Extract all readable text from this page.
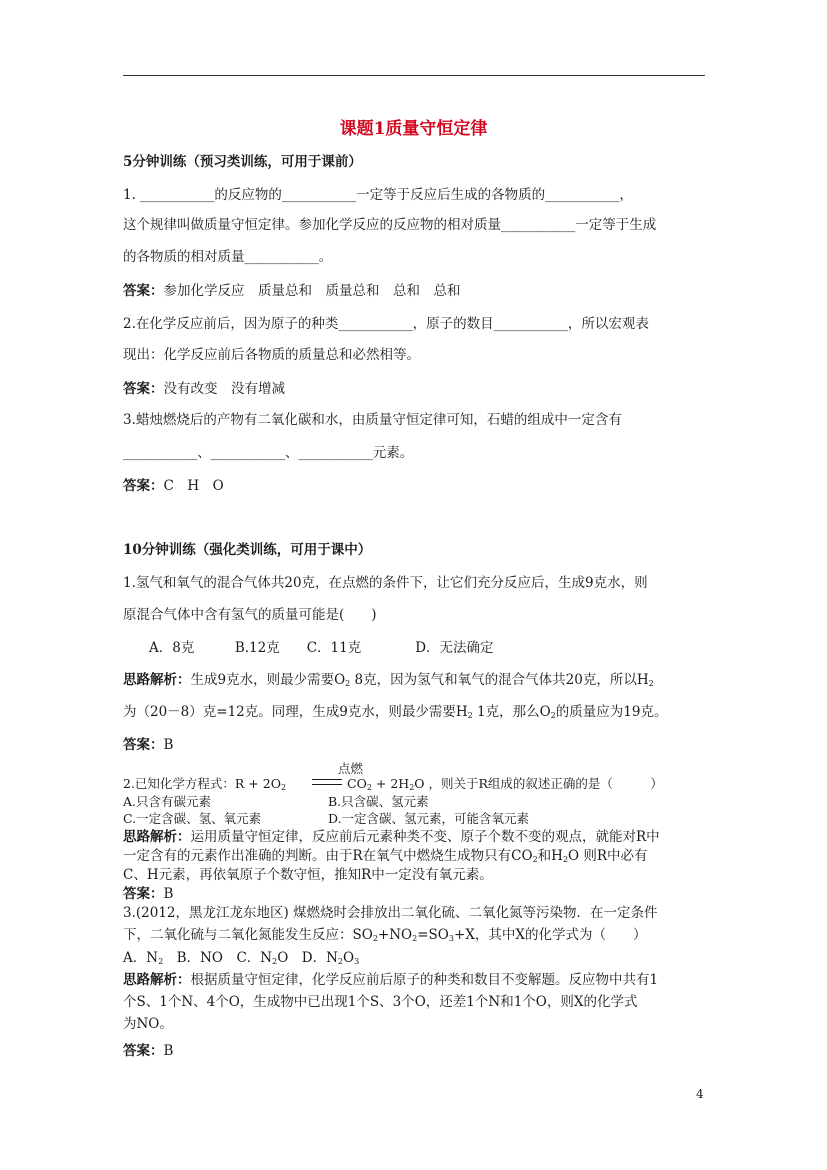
课题1质量守恒定律
5分钟训练（预习类训练，可用于课前）
1. ___________的反应物的___________一定等于反应后生成的各物质的___________，
这个规律叫做质量守恒定律。参加化学反应的反应物的相对质量___________一定等于生成
的各物质的相对质量___________。
答案：参加化学反应　质量总和　质量总和　总和　总和
2.在化学反应前后，因为原子的种类___________，原子的数目___________，所以宏观表
现出：化学反应前后各物质的质量总和必然相等。
答案：没有改变　没有增减
3.蜡烛燃烧后的产物有二氧化碳和水，由质量守恒定律可知，石蜡的组成中一定含有
___________、___________、___________元素。
答案：C　H　O
10分钟训练（强化类训练，可用于课中）
1.氢气和氧气的混合气体共20克，在点燃的条件下，让它们充分反应后，生成9克水，则
原混合气体中含有氢气的质量可能是(　　)
A．8克　　　B.12克　　C．11克　　　　D．无法确定
思路解析：生成9克水，则最少需要$O_2$ 8克，因为氢气和氧气的混合气体共20克，所以$H_2$
为（20－8）克=12克。同理，生成9克水，则最少需要$H_2$ 1克，那么$O_2$的质量应为19克。
答案：B
点燃
2.已知化学方程式：$R + 2O_2$	$CO_2 + 2H_2O$ ，则关于R组成的叙述正确的是（　　　）
A.只含有碳元素	B.只含碳、氢元素
C.一定含碳、氢、氧元素	D.一定含碳、氢元素，可能含氧元素
思路解析：运用质量守恒定律，反应前后元素种类不变、原子个数不变的观点，就能对R中
一定含有的元素作出准确的判断。由于R在氧气中燃烧生成物只有$CO_2$和$H_2O$ 则R中必有
C、H元素，再依氧原子个数守恒，推知R中一定没有氧元素。
答案：B
3.(2012，黑龙江龙东地区) 煤燃烧时会排放出二氧化硫、二氧化氮等污染物．在一定条件
下，二氧化硫与二氧化氮能发生反应：$SO_2+NO_2=SO_3+X$，其中X的化学式为（　　）
A．$N_2$　B．NO　C．$N_2O$　D．$N_2O_3$
思路解析：根据质量守恒定律，化学反应前后原子的种类和数目不变解题。反应物中共有1
个S、1个N、4个O，生成物中已出现1个S、3个O，还差1个N和1个O，则X的化学式
为NO。
答案：B
4
